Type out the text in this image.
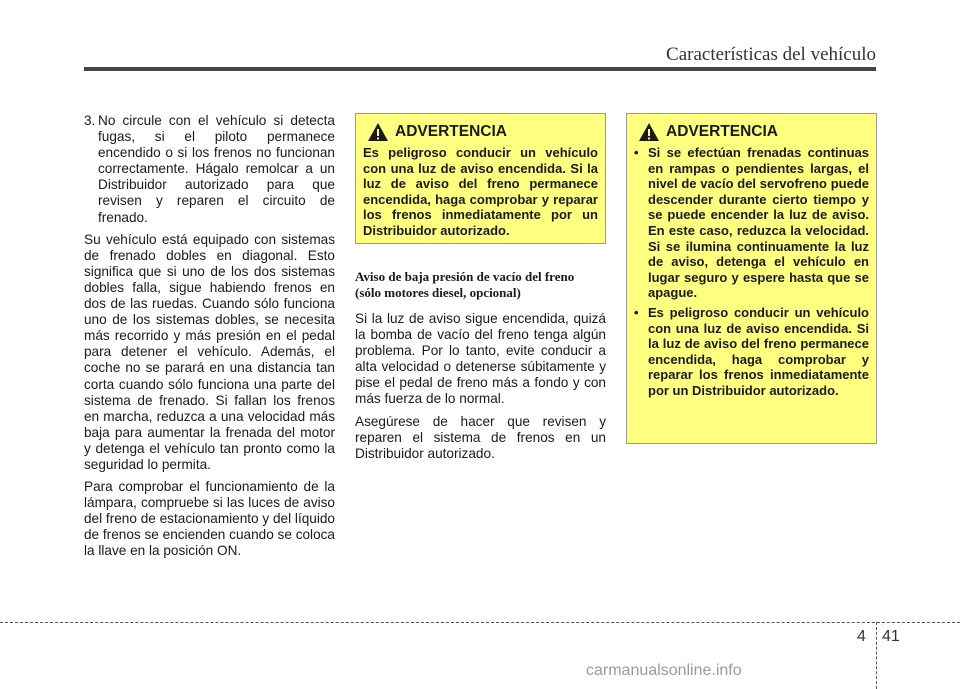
Características del vehículo
3. No circule con el vehículo si detecta fugas, si el piloto permanece encendido o si los frenos no funcionan correctamente. Hágalo remolcar a un Distribuidor autorizado para que revisen y reparen el circuito de frenado.

Su vehículo está equipado con sistemas de frenado dobles en diagonal. Esto significa que si uno de los dos sistemas dobles falla, sigue habiendo frenos en dos de las ruedas. Cuando sólo funciona uno de los sistemas dobles, se necesita más recorrido y más presión en el pedal para detener el vehículo. Además, el coche no se parará en una distancia tan corta cuando sólo funciona una parte del sistema de frenado. Si fallan los frenos en marcha, reduzca a una velocidad más baja para aumentar la frenada del motor y detenga el vehículo tan pronto como la seguridad lo permita.

Para comprobar el funcionamiento de la lámpara, compruebe si las luces de aviso del freno de estacionamiento y del líquido de frenos se encienden cuando se coloca la llave en la posición ON.

ADVERTENCIA
Es peligroso conducir un vehículo con una luz de aviso encendida. Si la luz de aviso del freno permanece encendida, haga comprobar y reparar los frenos inmediatamente por un Distribuidor autorizado.
Aviso de baja presión de vacío del freno
(sólo motores diesel, opcional)

Si la luz de aviso sigue encendida, quizá la bomba de vacío del freno tenga algún problema. Por lo tanto, evite conducir a alta velocidad o detenerse súbitamente y pise el pedal de freno más a fondo y con más fuerza de lo normal.

Asegúrese de hacer que revisen y reparen el sistema de frenos en un Distribuidor autorizado.

ADVERTENCIA
• Si se efectúan frenadas continuas en rampas o pendientes largas, el nivel de vacío del servofreno puede descender durante cierto tiempo y se puede encender la luz de aviso. En este caso, reduzca la velocidad. Si se ilumina continuamente la luz de aviso, detenga el vehículo en lugar seguro y espere hasta que se apague.
• Es peligroso conducir un vehículo con una luz de aviso encendida. Si la luz de aviso del freno permanece encendida, haga comprobar y reparar los frenos inmediatamente por un Distribuidor autorizado.
4 41
carmanualsonline.info
